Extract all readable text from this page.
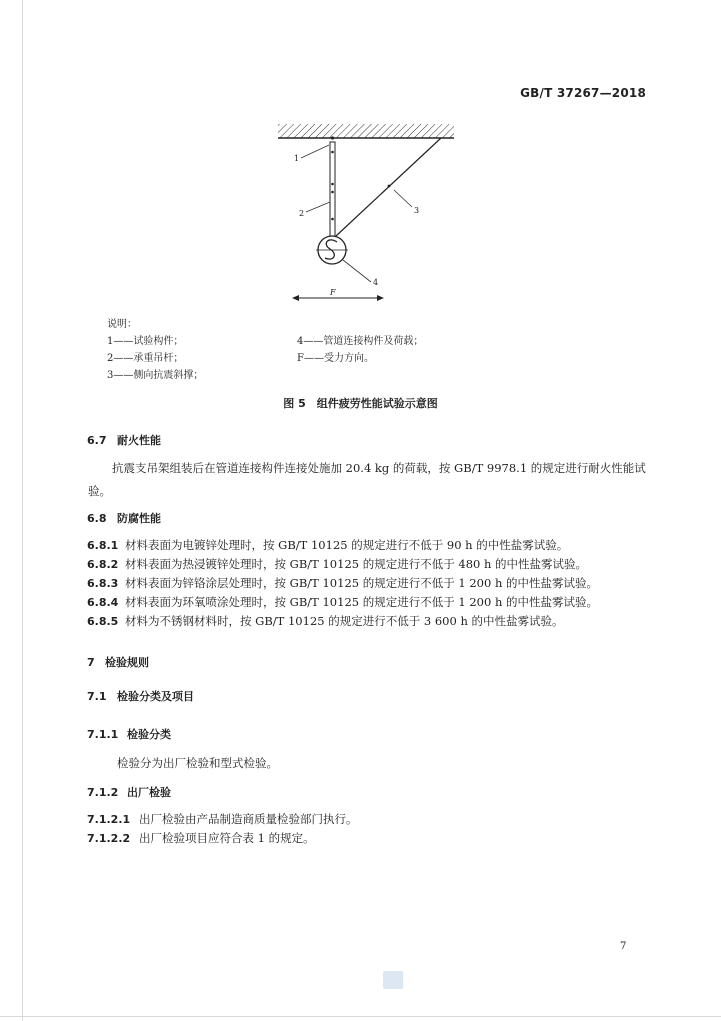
GB/T 37267—2018
1
2	3
4
F
说明：
1——试验构件；
2——承重吊杆；
3——侧向抗震斜撑；
4——管道连接构件及荷载；
F——受力方向。
图 5　组件疲劳性能试验示意图
6.7 耐火性能
抗震支吊架组装后在管道连接构件连接处施加 20.4 kg 的荷载，按 GB/T 9978.1 的规定进行耐火性能试验。
6.8 防腐性能
6.8.1 材料表面为电镀锌处理时，按 GB/T 10125 的规定进行不低于 90 h 的中性盐雾试验。
6.8.2 材料表面为热浸镀锌处理时，按 GB/T 10125 的规定进行不低于 480 h 的中性盐雾试验。
6.8.3 材料表面为锌铬涂层处理时，按 GB/T 10125 的规定进行不低于 1 200 h 的中性盐雾试验。
6.8.4 材料表面为环氧喷涂处理时，按 GB/T 10125 的规定进行不低于 1 200 h 的中性盐雾试验。
6.8.5 材料为不锈钢材料时，按 GB/T 10125 的规定进行不低于 3 600 h 的中性盐雾试验。
7 检验规则
7.1 检验分类及项目
7.1.1 检验分类
检验分为出厂检验和型式检验。
7.1.2 出厂检验
7.1.2.1 出厂检验由产品制造商质量检验部门执行。
7.1.2.2 出厂检验项目应符合表 1 的规定。
7
